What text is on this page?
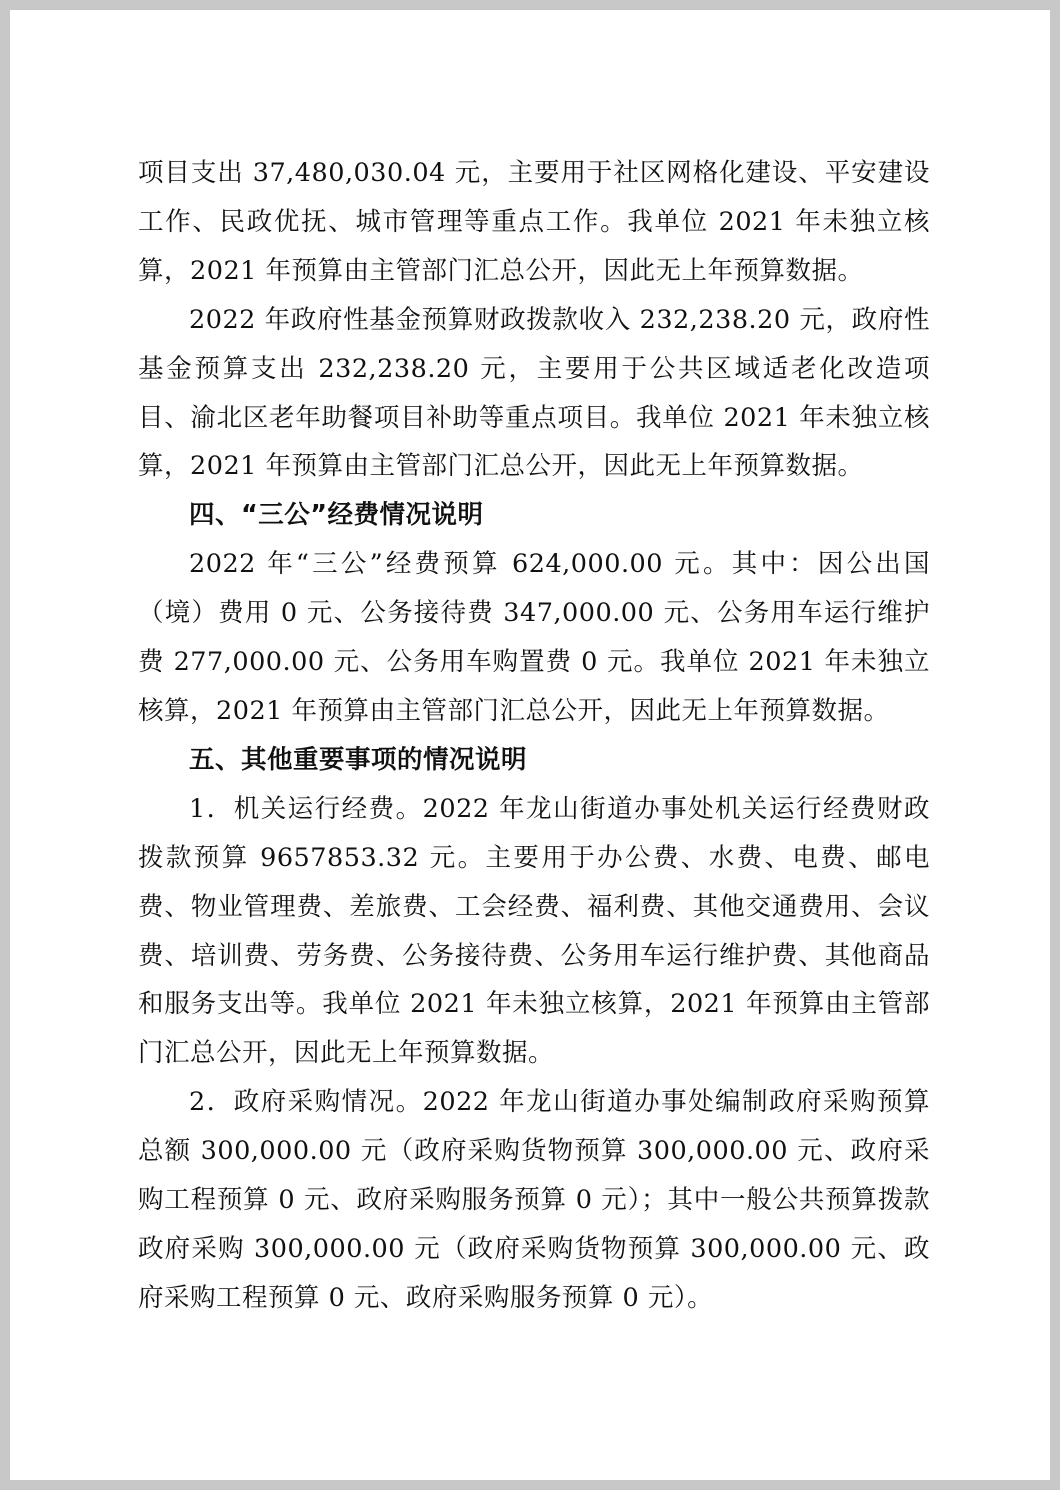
项目支出 37,480,030.04 元，主要用于社区网格化建设、平安建设工作、民政优抚、城市管理等重点工作。我单位 2021 年未独立核算，2021 年预算由主管部门汇总公开，因此无上年预算数据。

2022 年政府性基金预算财政拨款收入 232,238.20 元，政府性基金预算支出 232,238.20 元，主要用于公共区域适老化改造项目、渝北区老年助餐项目补助等重点项目。我单位 2021 年未独立核算，2021 年预算由主管部门汇总公开，因此无上年预算数据。

四、“三公”经费情况说明

2022 年“三公”经费预算 624,000.00 元。其中：因公出国（境）费用 0 元、公务接待费 347,000.00 元、公务用车运行维护费 277,000.00 元、公务用车购置费 0 元。我单位 2021 年未独立核算，2021 年预算由主管部门汇总公开，因此无上年预算数据。

五、其他重要事项的情况说明

1．机关运行经费。2022 年龙山街道办事处机关运行经费财政拨款预算 9657853.32 元。主要用于办公费、水费、电费、邮电费、物业管理费、差旅费、工会经费、福利费、其他交通费用、会议费、培训费、劳务费、公务接待费、公务用车运行维护费、其他商品和服务支出等。我单位 2021 年未独立核算，2021 年预算由主管部门汇总公开，因此无上年预算数据。

2．政府采购情况。2022 年龙山街道办事处编制政府采购预算总额 300,000.00 元（政府采购货物预算 300,000.00 元、政府采购工程预算 0 元、政府采购服务预算 0 元）；其中一般公共预算拨款政府采购 300,000.00 元（政府采购货物预算 300,000.00 元、政府采购工程预算 0 元、政府采购服务预算 0 元）。
